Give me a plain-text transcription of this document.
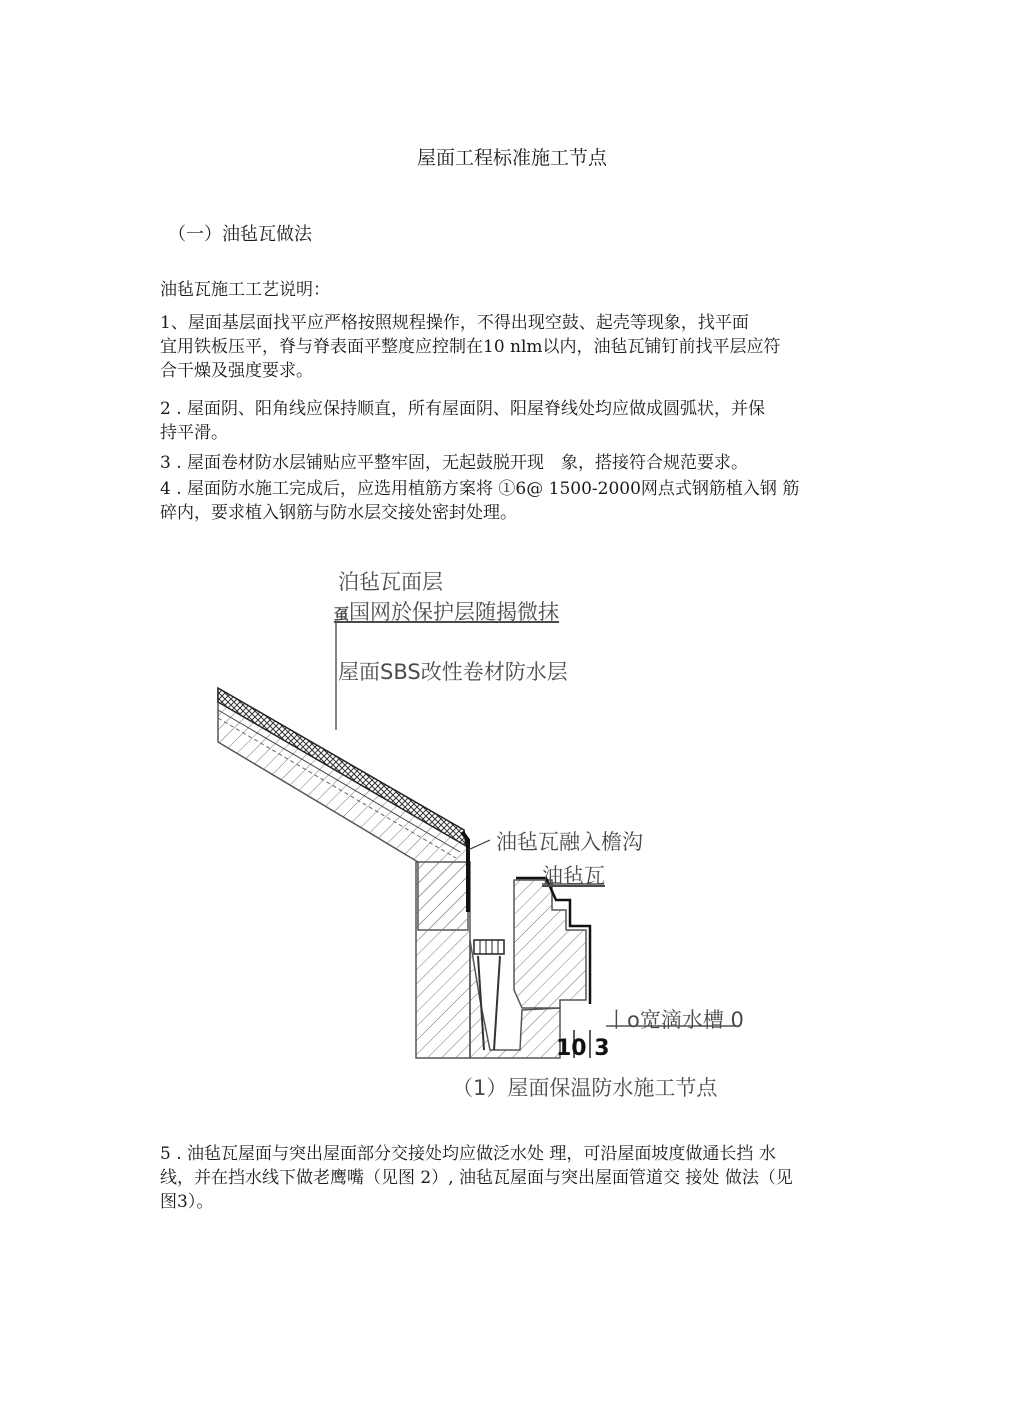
屋面工程标准施工节点
（一）油毡瓦做法
油毡瓦施工工艺说明：
1、屋面基层面找平应严格按照规程操作，不得出现空鼓、起壳等现象，找平面
宜用铁板压平，脊与脊表面平整度应控制在10 nlm以内，油毡瓦铺钉前找平层应符
合干燥及强度要求。
2 . 屋面阴、阳角线应保持顺直，所有屋面阴、阳屋脊线处均应做成圆弧状，并保
持平滑。
3 . 屋面卷材防水层铺贴应平整牢固，无起鼓脱开现　象，搭接符合规范要求。
4 . 屋面防水施工完成后，应选用植筋方案将 ①6@ 1500-2000网点式钢筋植入钢 筋
碎内，要求植入钢筋与防水层交接处密封处理。
泊毡瓦面层
虿国网於保护层随揭微抹
屋面SBS改性卷材防水层
油毡瓦融入檐沟
油毡瓦
丨o宽滴水槽 0
10 3
（1）屋面保温防水施工节点
5 . 油毡瓦屋面与突出屋面部分交接处均应做泛水处 理，可沿屋面坡度做通长挡 水
线，并在挡水线下做老鹰嘴（见图 2）, 油毡瓦屋面与突出屋面管道交 接处 做法（见
图3）。
